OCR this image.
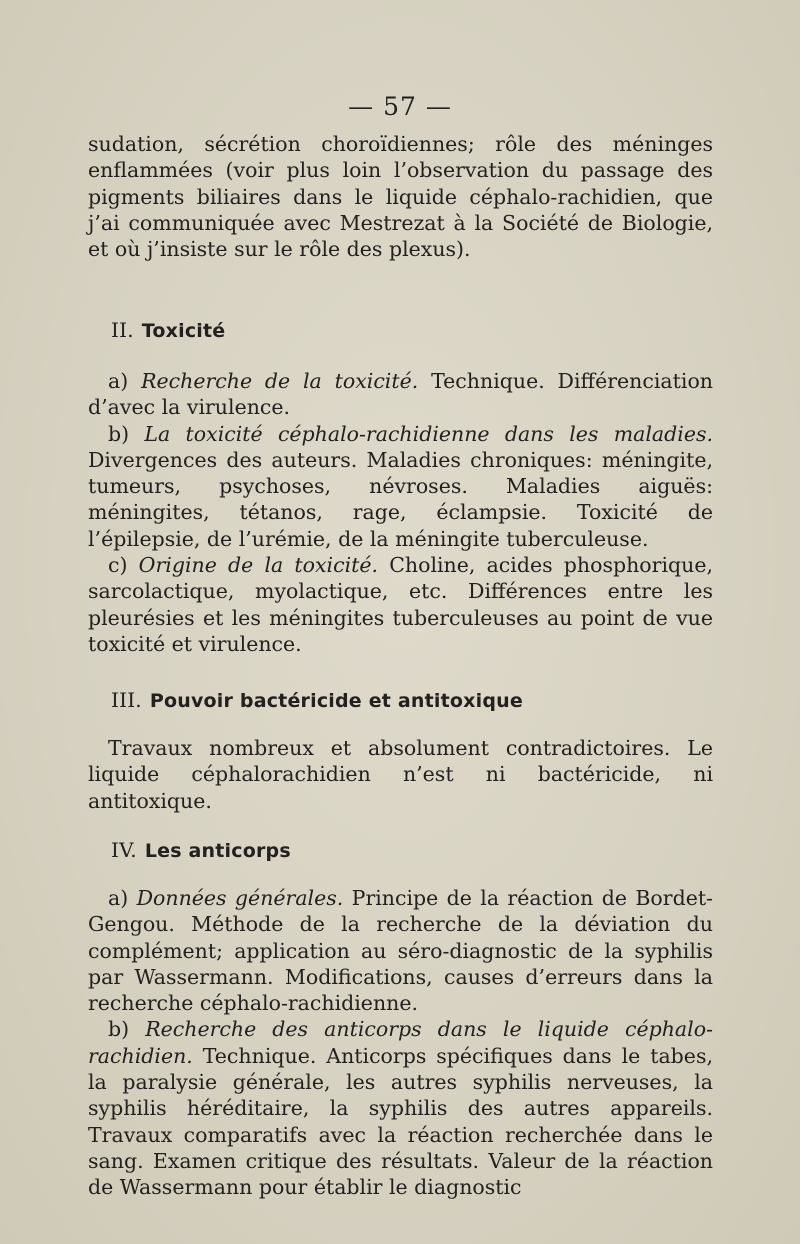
— 57 —

sudation, sécrétion choroïdiennes; rôle des méninges enflammées (voir plus loin l’observation du passage des pigments biliaires dans le liquide céphalo-rachidien, que j’ai communiquée avec Mestrezat à la Société de Biologie, et où j’insiste sur le rôle des plexus).

II. Toxicité

a) Recherche de la toxicité. Technique. Différenciation d’avec la virulence.

b) La toxicité céphalo-rachidienne dans les maladies. Divergences des auteurs. Maladies chroniques: méningite, tumeurs, psychoses, névroses. Maladies aiguës: méningites, tétanos, rage, éclampsie. Toxicité de l’épilepsie, de l’urémie, de la méningite tuberculeuse.

c) Origine de la toxicité. Choline, acides phosphorique, sarcolactique, myolactique, etc. Différences entre les pleurésies et les méningites tuberculeuses au point de vue toxicité et virulence.

III. Pouvoir bactéricide et antitoxique

Travaux nombreux et absolument contradictoires. Le liquide céphalorachidien n’est ni bactéricide, ni antitoxique.

IV. Les anticorps

a) Données générales. Principe de la réaction de Bordet-Gengou. Méthode de la recherche de la déviation du complément; application au séro-diagnostic de la syphilis par Wassermann. Modifications, causes d’erreurs dans la recherche céphalo-rachidienne.

b) Recherche des anticorps dans le liquide céphalo-rachidien. Technique. Anticorps spécifiques dans le tabes, la paralysie générale, les autres syphilis nerveuses, la syphilis héréditaire, la syphilis des autres appareils. Travaux comparatifs avec la réaction recherchée dans le sang. Examen critique des résultats. Valeur de la réaction de Wassermann pour établir le diagnostic
